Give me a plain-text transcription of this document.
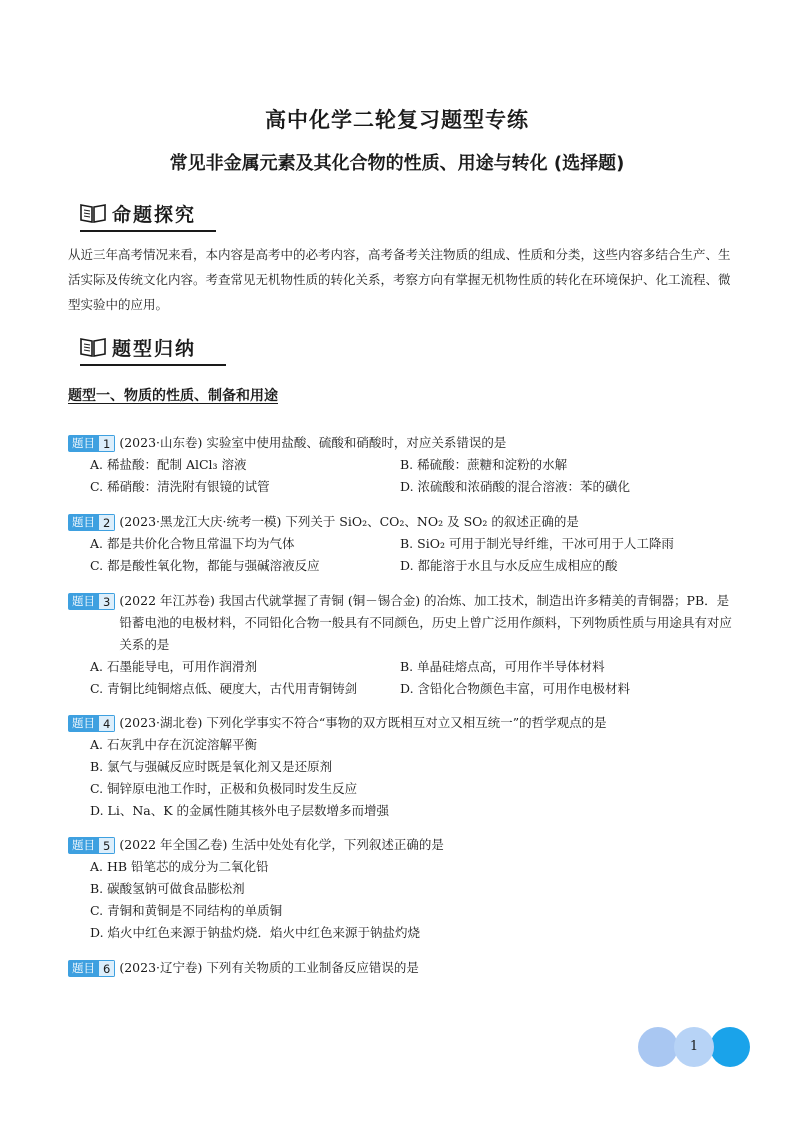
高中化学二轮复习题型专练
常见非金属元素及其化合物的性质、用途与转化 (选择题)
命题探究
从近三年高考情况来看，本内容是高考中的必考内容，高考备考关注物质的组成、性质和分类，这些内容多结合生产、生活实际及传统文化内容。考查常见无机物性质的转化关系，考察方向有掌握无机物性质的转化在环境保护、化工流程、微型实验中的应用。
题型归纳
题型一、物质的性质、制备和用途
题目 1 (2023·山东卷) 实验室中使用盐酸、硫酸和硝酸时，对应关系错误的是
A. 稀盐酸：配制 AlCl₃ 溶液	B. 稀硫酸：蔗糖和淀粉的水解
C. 稀硝酸：清洗附有银镜的试管	D. 浓硫酸和浓硝酸的混合溶液：苯的磺化
题目 2 (2023·黑龙江大庆·统考一模) 下列关于 SiO₂、CO₂、NO₂ 及 SO₂ 的叙述正确的是
A. 都是共价化合物且常温下均为气体	B. SiO₂ 可用于制光导纤维，干冰可用于人工降雨
C. 都是酸性氧化物，都能与强碱溶液反应	D. 都能溶于水且与水反应生成相应的酸
题目 3 (2022 年江苏卷) 我国古代就掌握了青铜 (铜－锡合金) 的冶炼、加工技术，制造出许多精美的青铜器；PB．是铅蓄电池的电极材料，不同铅化合物一般具有不同颜色，历史上曾广泛用作颜料，下列物质性质与用途具有对应关系的是
A. 石墨能导电，可用作润滑剂	B. 单晶硅熔点高，可用作半导体材料
C. 青铜比纯铜熔点低、硬度大，古代用青铜铸剑	D. 含铅化合物颜色丰富，可用作电极材料
题目 4 (2023·湖北卷) 下列化学事实不符合“事物的双方既相互对立又相互统一”的哲学观点的是
A. 石灰乳中存在沉淀溶解平衡
B. 氯气与强碱反应时既是氧化剂又是还原剂
C. 铜锌原电池工作时，正极和负极同时发生反应
D. Li、Na、K 的金属性随其核外电子层数增多而增强
题目 5 (2022 年全国乙卷) 生活中处处有化学，下列叙述正确的是
A. HB 铅笔芯的成分为二氧化铅
B. 碳酸氢钠可做食品膨松剂
C. 青铜和黄铜是不同结构的单质铜
D. 焰火中红色来源于钠盐灼烧．焰火中红色来源于钠盐灼烧
题目 6 (2023·辽宁卷) 下列有关物质的工业制备反应错误的是
1
